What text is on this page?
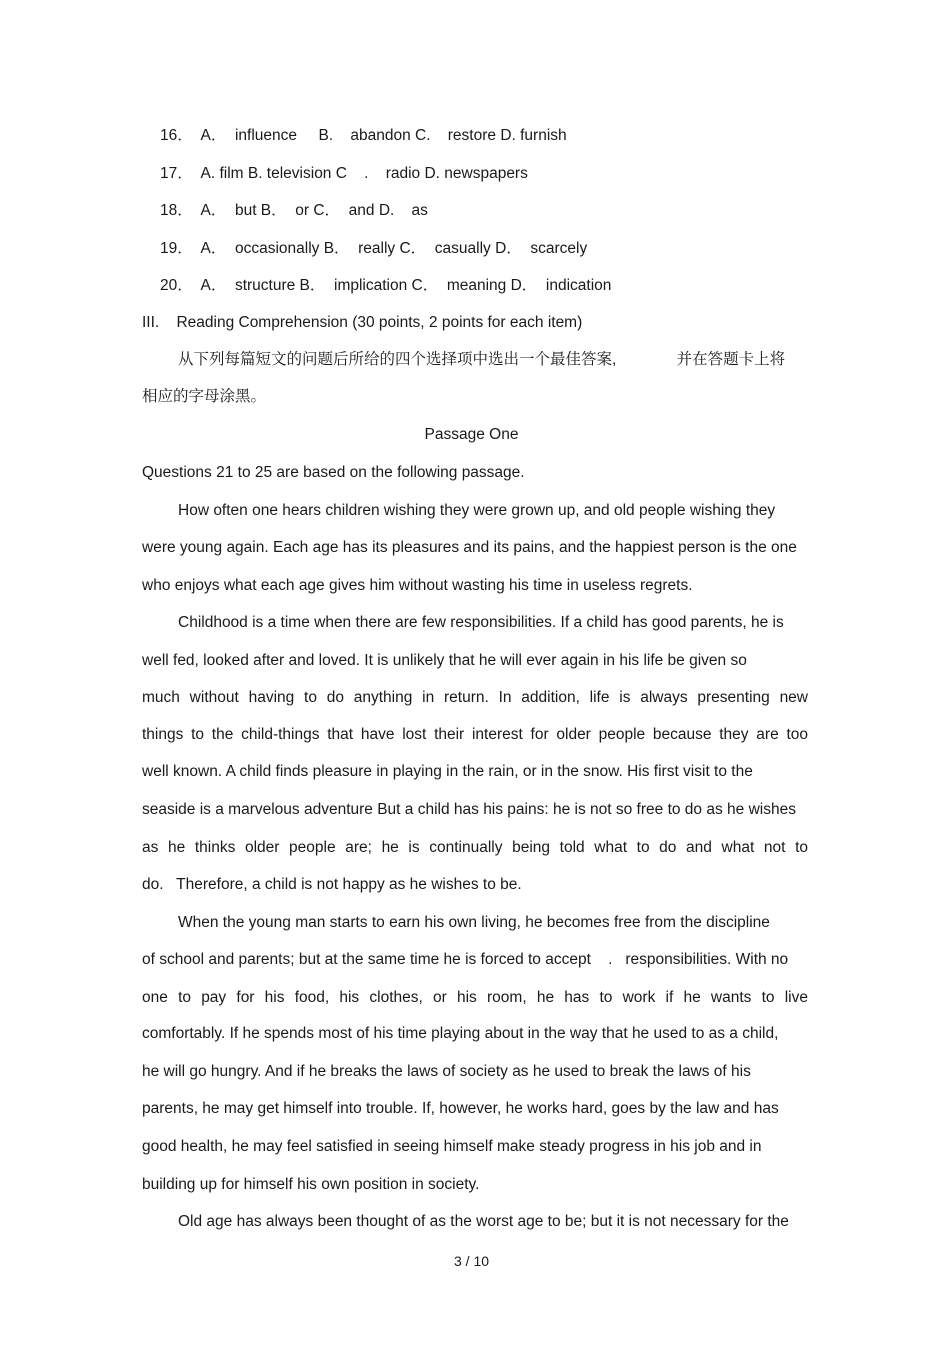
16．  A．  influence     B.    abandon C.    restore D. furnish
17．  A. film B. television C    .    radio D. newspapers
18．  A．  but B．  or C．  and D.    as
19．  A．  occasionally B．  really C．  casually D．  scarcely
20．  A．  structure B．  implication C．  meaning D．  indication
III.    Reading Comprehension (30 points, 2 points for each item)
从下列每篇短文的问题后所给的四个选择项中选出一个最佳答案,              并在答题卡上将
相应的字母涂黑。
Passage One
Questions 21 to 25 are based on the following passage.
How often one hears children wishing they were grown up, and old people wishing they
were young again. Each age has its pleasures and its pains, and the happiest person is the one
who enjoys what each age gives him without wasting his time in useless regrets.
Childhood is a time when there are few responsibilities. If a child has good parents, he is
well fed, looked after and loved. It is unlikely that he will ever again in his life be given so
much without having to do anything in return. In addition, life is always presenting new
things to the child-things that have lost their interest for older people because they are too
well known. A child finds pleasure in playing in the rain, or in the snow. His first visit to the
seaside is a marvelous adventure But a child has his pains: he is not so free to do as he wishes
as he thinks older people are; he is continually being told what to do and what not to
do.   Therefore, a child is not happy as he wishes to be.
When the young man starts to earn his own living, he becomes free from the discipline
of school and parents; but at the same time he is forced to accept    .   responsibilities. With no
one to pay for his food, his clothes, or his room, he has to work if he wants to live
comfortably. If he spends most of his time playing about in the way that he used to as a child,
he will go hungry. And if he breaks the laws of society as he used to break the laws of his
parents, he may get himself into trouble. If, however, he works hard, goes by the law and has
good health, he may feel satisfied in seeing himself make steady progress in his job and in
building up for himself his own position in society.
Old age has always been thought of as the worst age to be; but it is not necessary for the
3 / 10
